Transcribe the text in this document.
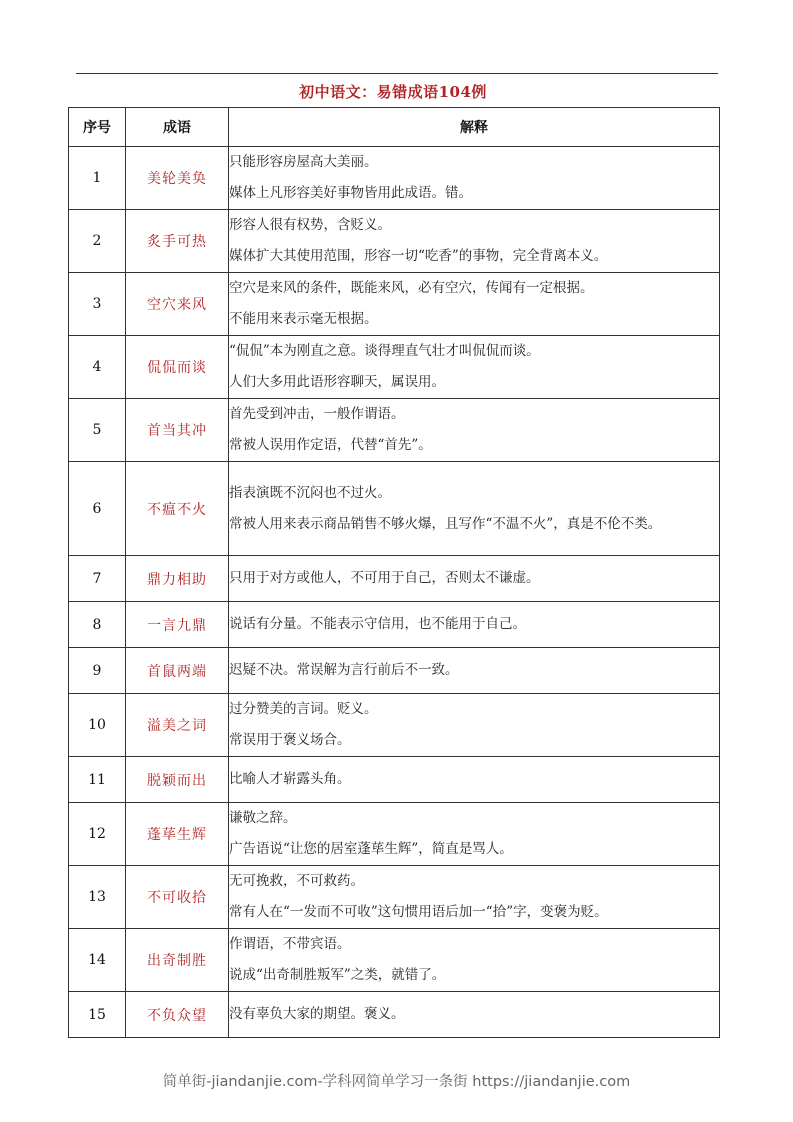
初中语文：易错成语104例
序号	成语	解释
1	美轮美奂	只能形容房屋高大美丽。
媒体上凡形容美好事物皆用此成语。错。

2	炙手可热	形容人很有权势，含贬义。
媒体扩大其使用范围，形容一切“吃香”的事物，完全背离本义。

3	空穴来风	空穴是来风的条件，既能来风，必有空穴，传闻有一定根据。
不能用来表示毫无根据。

4	侃侃而谈	“侃侃”本为刚直之意。谈得理直气壮才叫侃侃而谈。
人们大多用此语形容聊天，属误用。

5	首当其冲	首先受到冲击，一般作谓语。
常被人误用作定语，代替“首先”。

6	不瘟不火	指表演既不沉闷也不过火。
常被人用来表示商品销售不够火爆，且写作“不温不火”，真是不伦不类。

7	鼎力相助	只用于对方或他人，不可用于自己，否则太不谦虚。

8	一言九鼎	说话有分量。不能表示守信用，也不能用于自己。

9	首鼠两端	迟疑不决。常误解为言行前后不一致。

10	溢美之词	过分赞美的言词。贬义。
常误用于褒义场合。

11	脱颖而出	比喻人才崭露头角。

12	蓬荜生辉	谦敬之辞。
广告语说“让您的居室蓬荜生辉”，简直是骂人。

13	不可收拾	无可挽救，不可救药。
常有人在“一发而不可收”这句惯用语后加一“拾”字，变褒为贬。

14	出奇制胜	作谓语，不带宾语。
说成“出奇制胜叛军”之类，就错了。

15	不负众望	没有辜负大家的期望。褒义。
简单街-jiandanjie.com-学科网简单学习一条街 https://jiandanjie.com
